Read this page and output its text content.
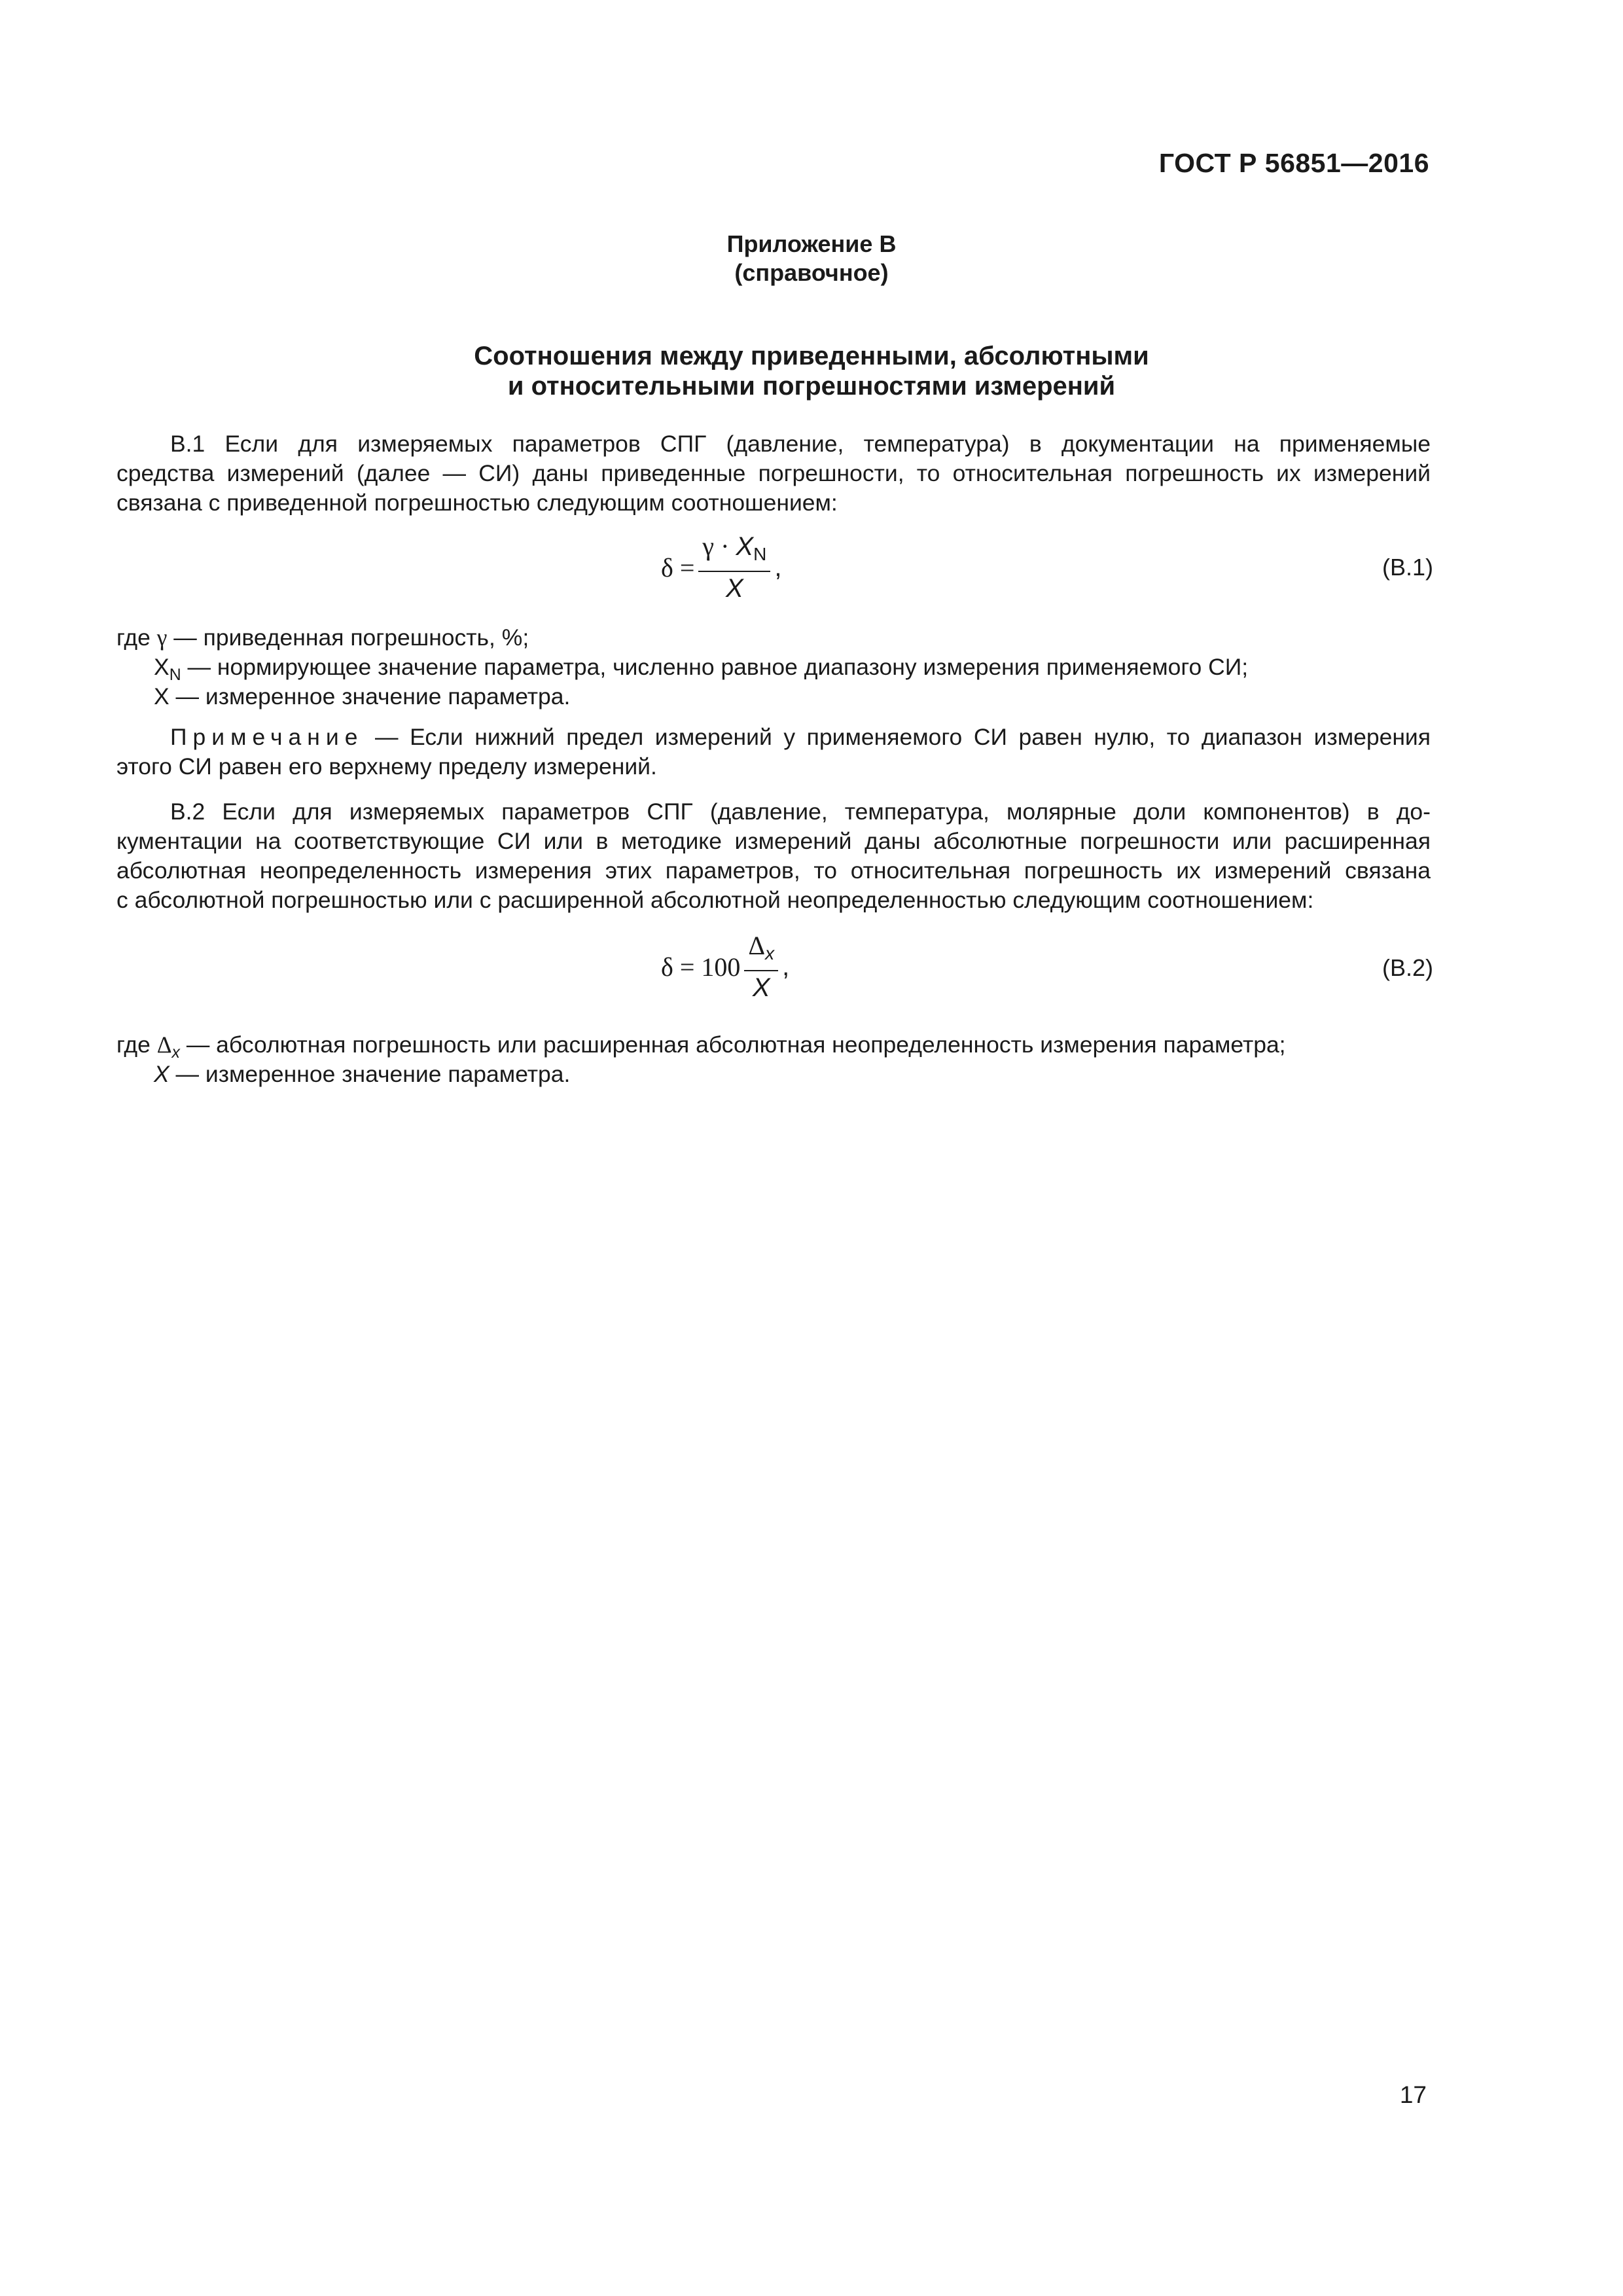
ГОСТ Р 56851—2016
Приложение В
(справочное)
Соотношения между приведенными, абсолютными
и относительными погрешностями измерений
В.1 Если для измеряемых параметров СПГ (давление, температура) в документации на применяемые
средства измерений (далее — СИ) даны приведенные погрешности, то относительная погрешность их измерений
связана с приведенной погрешностью следующим соотношением:
$\delta = \frac{\gamma \cdot X_N}{X}$ ,	(В.1)
где γ — приведенная погрешность, %;
$X_N$ — нормирующее значение параметра, численно равное диапазону измерения применяемого СИ;
X — измеренное значение параметра.
Примечание — Если нижний предел измерений у применяемого СИ равен нулю, то диапазон измерения
этого СИ равен его верхнему пределу измерений.
В.2 Если для измеряемых параметров СПГ (давление, температура, молярные доли компонентов) в до-
кументации на соответствующие СИ или в методике измерений даны абсолютные погрешности или расширенная
абсолютная неопределенность измерения этих параметров, то относительная погрешность их измерений связана
с абсолютной погрешностью или с расширенной абсолютной неопределенностью следующим соотношением:
$\delta = 100 \frac{\Delta_x}{X}$ ,	(В.2)
где $\Delta_x$ — абсолютная погрешность или расширенная абсолютная неопределенность измерения параметра;
X — измеренное значение параметра.
17
